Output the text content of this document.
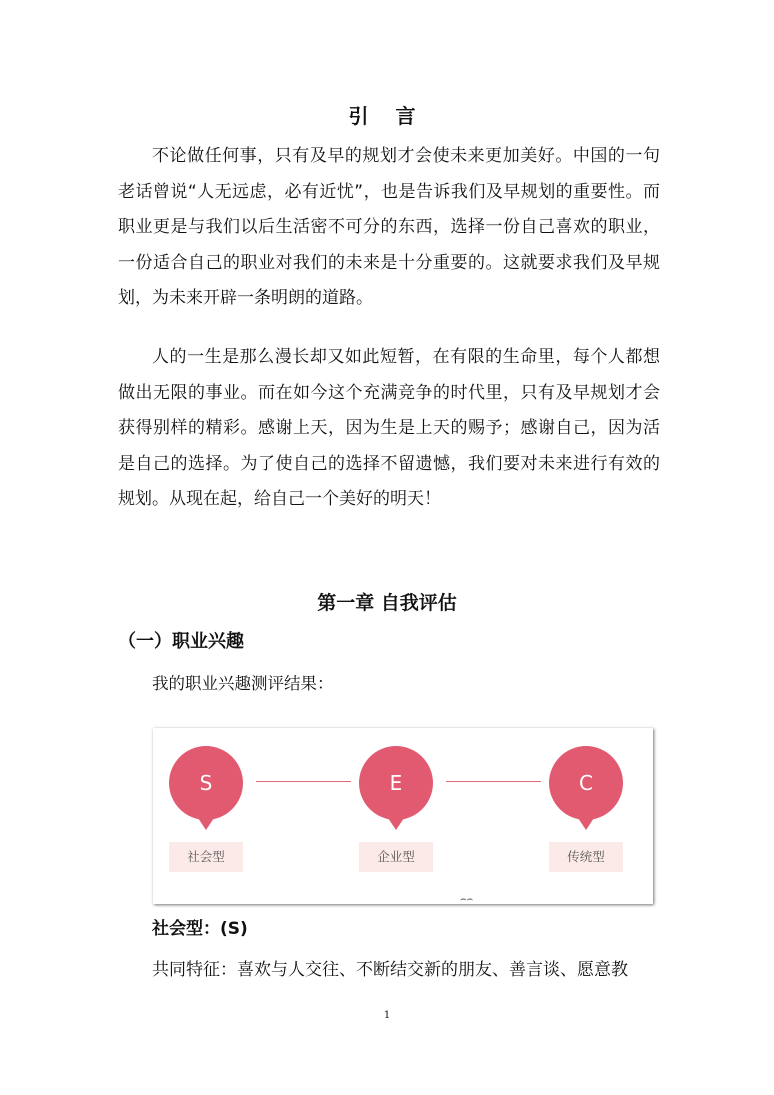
引 言

不论做任何事，只有及早的规划才会使未来更加美好。中国的一句老话曾说“人无远虑，必有近忧”，也是告诉我们及早规划的重要性。而职业更是与我们以后生活密不可分的东西，选择一份自己喜欢的职业，一份适合自己的职业对我们的未来是十分重要的。这就要求我们及早规划，为未来开辟一条明朗的道路。

人的一生是那么漫长却又如此短暂，在有限的生命里，每个人都想做出无限的事业。而在如今这个充满竞争的时代里，只有及早规划才会获得别样的精彩。感谢上天，因为生是上天的赐予；感谢自己，因为活是自己的选择。为了使自己的选择不留遗憾，我们要对未来进行有效的规划。从现在起，给自己一个美好的明天！

第一章 自我评估
（一）职业兴趣
我的职业兴趣测评结果：
S
社会型
E
企业型
C
传统型
⌢⌢
社会型：(S)
共同特征：喜欢与人交往、不断结交新的朋友、善言谈、愿意教
1
